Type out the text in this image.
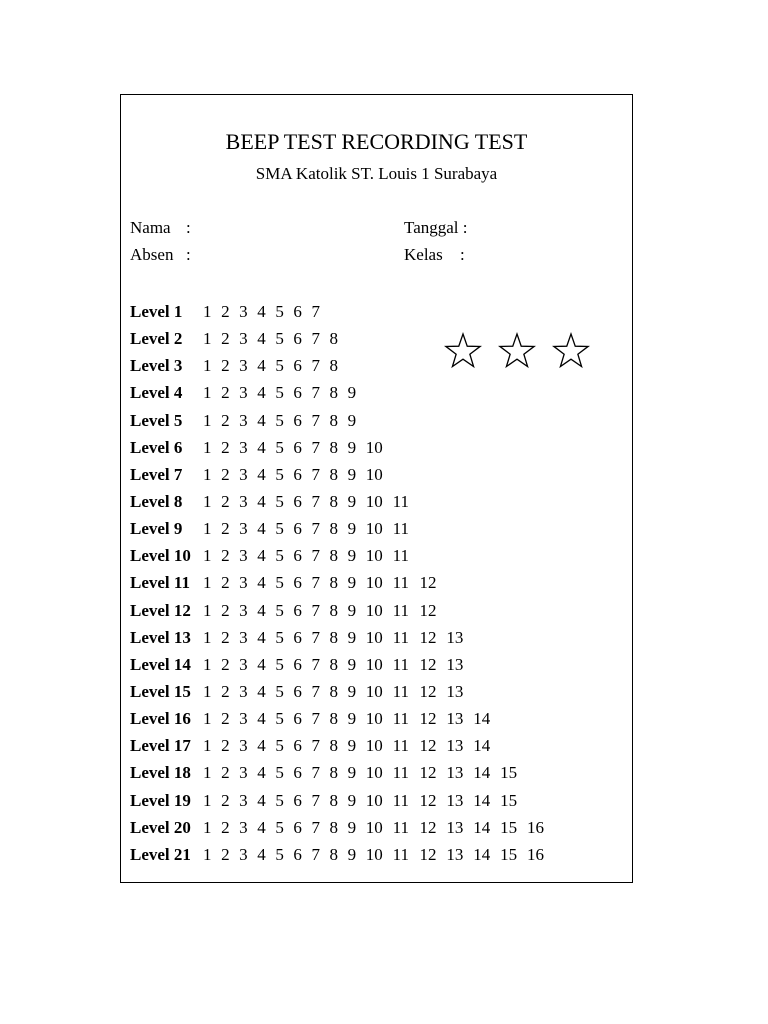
BEEP TEST RECORDING TEST
SMA Katolik ST. Louis 1 Surabaya
Nama :
Absen :
Tanggal :
Kelas :
Level 1 1 2 3 4 5 6 7
Level 2 1 2 3 4 5 6 7 8
Level 3 1 2 3 4 5 6 7 8
Level 4 1 2 3 4 5 6 7 8 9
Level 5 1 2 3 4 5 6 7 8 9
Level 6 1 2 3 4 5 6 7 8 9 10
Level 7 1 2 3 4 5 6 7 8 9 10
Level 8 1 2 3 4 5 6 7 8 9 10 11
Level 9 1 2 3 4 5 6 7 8 9 10 11
Level 10 1 2 3 4 5 6 7 8 9 10 11
Level 11 1 2 3 4 5 6 7 8 9 10 11 12
Level 12 1 2 3 4 5 6 7 8 9 10 11 12
Level 13 1 2 3 4 5 6 7 8 9 10 11 12 13
Level 14 1 2 3 4 5 6 7 8 9 10 11 12 13
Level 15 1 2 3 4 5 6 7 8 9 10 11 12 13
Level 16 1 2 3 4 5 6 7 8 9 10 11 12 13 14
Level 17 1 2 3 4 5 6 7 8 9 10 11 12 13 14
Level 18 1 2 3 4 5 6 7 8 9 10 11 12 13 14 15
Level 19 1 2 3 4 5 6 7 8 9 10 11 12 13 14 15
Level 20 1 2 3 4 5 6 7 8 9 10 11 12 13 14 15 16
Level 21 1 2 3 4 5 6 7 8 9 10 11 12 13 14 15 16
